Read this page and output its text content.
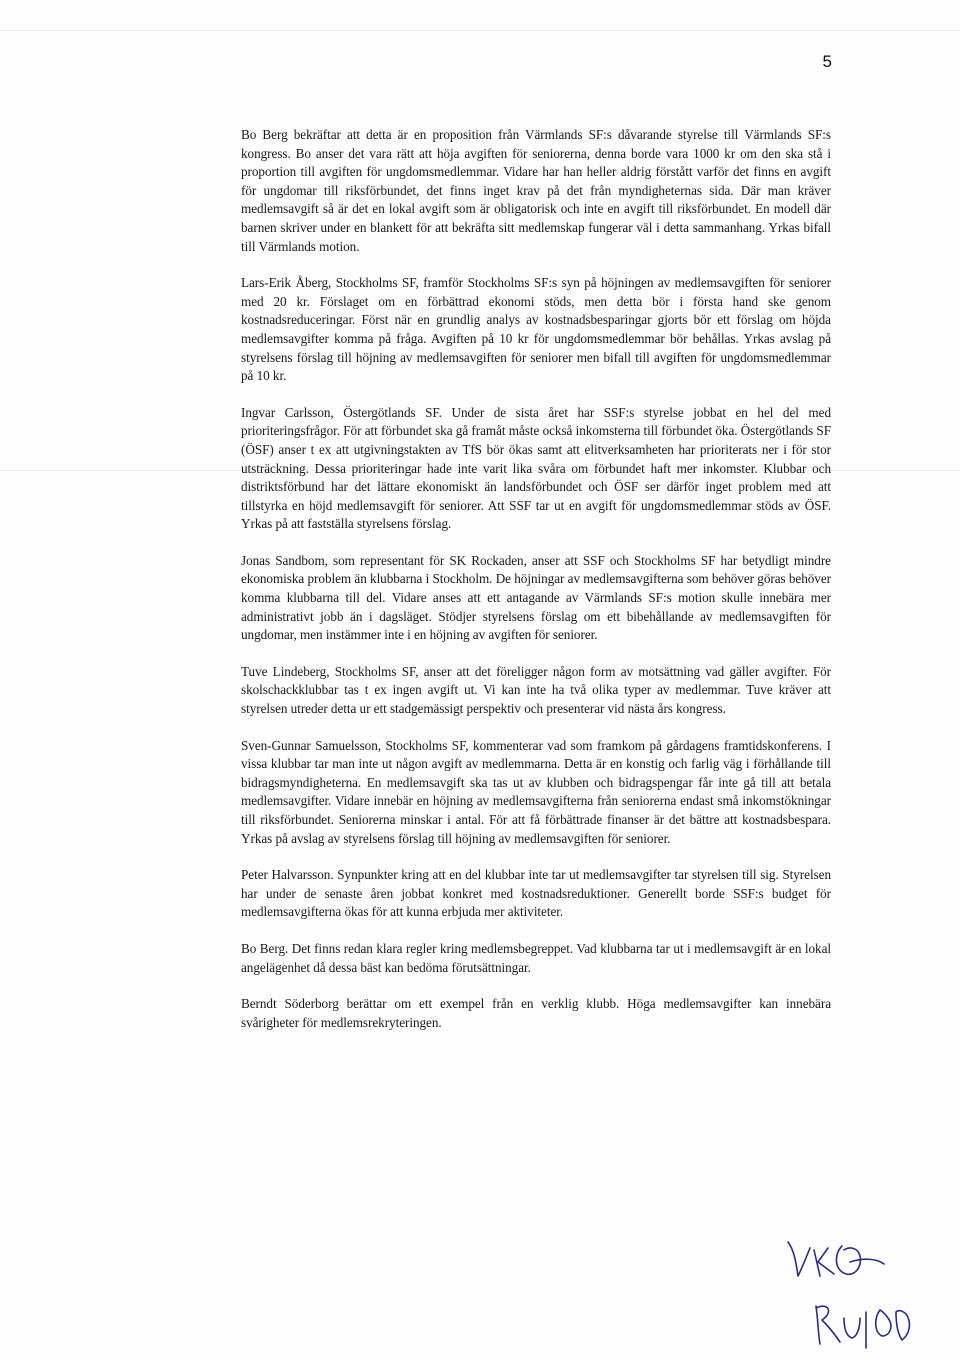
5

Bo Berg bekräftar att detta är en proposition från Värmlands SF:s dåvarande styrelse till Värmlands SF:s kongress. Bo anser det vara rätt att höja avgiften för seniorerna, denna borde vara 1000 kr om den ska stå i proportion till avgiften för ungdomsmedlemmar. Vidare har han heller aldrig förstått varför det finns en avgift för ungdomar till riksförbundet, det finns inget krav på det från myndigheternas sida. Där man kräver medlemsavgift så är det en lokal avgift som är obligatorisk och inte en avgift till riksförbundet. En modell där barnen skriver under en blankett för att bekräfta sitt medlemskap fungerar väl i detta sammanhang. Yrkas bifall till Värmlands motion.

Lars-Erik Åberg, Stockholms SF, framför Stockholms SF:s syn på höjningen av medlemsavgiften för seniorer med 20 kr. Förslaget om en förbättrad ekonomi stöds, men detta bör i första hand ske genom kostnadsreduceringar. Först när en grundlig analys av kostnadsbesparingar gjorts bör ett förslag om höjda medlemsavgifter komma på fråga. Avgiften på 10 kr för ungdomsmedlemmar bör behållas. Yrkas avslag på styrelsens förslag till höjning av medlemsavgiften för seniorer men bifall till avgiften för ungdomsmedlemmar på 10 kr.

Ingvar Carlsson, Östergötlands SF. Under de sista året har SSF:s styrelse jobbat en hel del med prioriteringsfrågor. För att förbundet ska gå framåt måste också inkomsterna till förbundet öka. Östergötlands SF (ÖSF) anser t ex att utgivningstakten av TfS bör ökas samt att elitverksamheten har prioriterats ner i för stor utsträckning. Dessa prioriteringar hade inte varit lika svåra om förbundet haft mer inkomster. Klubbar och distriktsförbund har det lättare ekonomiskt än landsförbundet och ÖSF ser därför inget problem med att tillstyrka en höjd medlemsavgift för seniorer. Att SSF tar ut en avgift för ungdomsmedlemmar stöds av ÖSF. Yrkas på att fastställa styrelsens förslag.

Jonas Sandbom, som representant för SK Rockaden, anser att SSF och Stockholms SF har betydligt mindre ekonomiska problem än klubbarna i Stockholm. De höjningar av medlemsavgifterna som behöver göras behöver komma klubbarna till del. Vidare anses att ett antagande av Värmlands SF:s motion skulle innebära mer administrativt jobb än i dagsläget. Stödjer styrelsens förslag om ett bibehållande av medlemsavgiften för ungdomar, men instämmer inte i en höjning av avgiften för seniorer.

Tuve Lindeberg, Stockholms SF, anser att det föreligger någon form av motsättning vad gäller avgifter. För skolschackklubbar tas t ex ingen avgift ut. Vi kan inte ha två olika typer av medlemmar. Tuve kräver att styrelsen utreder detta ur ett stadgemässigt perspektiv och presenterar vid nästa års kongress.

Sven-Gunnar Samuelsson, Stockholms SF, kommenterar vad som framkom på gårdagens framtidskonferens. I vissa klubbar tar man inte ut någon avgift av medlemmarna. Detta är en konstig och farlig väg i förhållande till bidragsmyndigheterna. En medlemsavgift ska tas ut av klubben och bidragspengar får inte gå till att betala medlemsavgifter. Vidare innebär en höjning av medlemsavgifterna från seniorerna endast små inkomstökningar till riksförbundet. Seniorerna minskar i antal. För att få förbättrade finanser är det bättre att kostnadsbespara. Yrkas på avslag av styrelsens förslag till höjning av medlemsavgiften för seniorer.

Peter Halvarsson. Synpunkter kring att en del klubbar inte tar ut medlemsavgifter tar styrelsen till sig. Styrelsen har under de senaste åren jobbat konkret med kostnadsreduktioner. Generellt borde SSF:s budget för medlemsavgifterna ökas för att kunna erbjuda mer aktiviteter.

Bo Berg. Det finns redan klara regler kring medlemsbegreppet. Vad klubbarna tar ut i medlemsavgift är en lokal angelägenhet då dessa bäst kan bedöma förutsättningar.

Berndt Söderborg berättar om ett exempel från en verklig klubb. Höga medlemsavgifter kan innebära svårigheter för medlemsrekryteringen.
